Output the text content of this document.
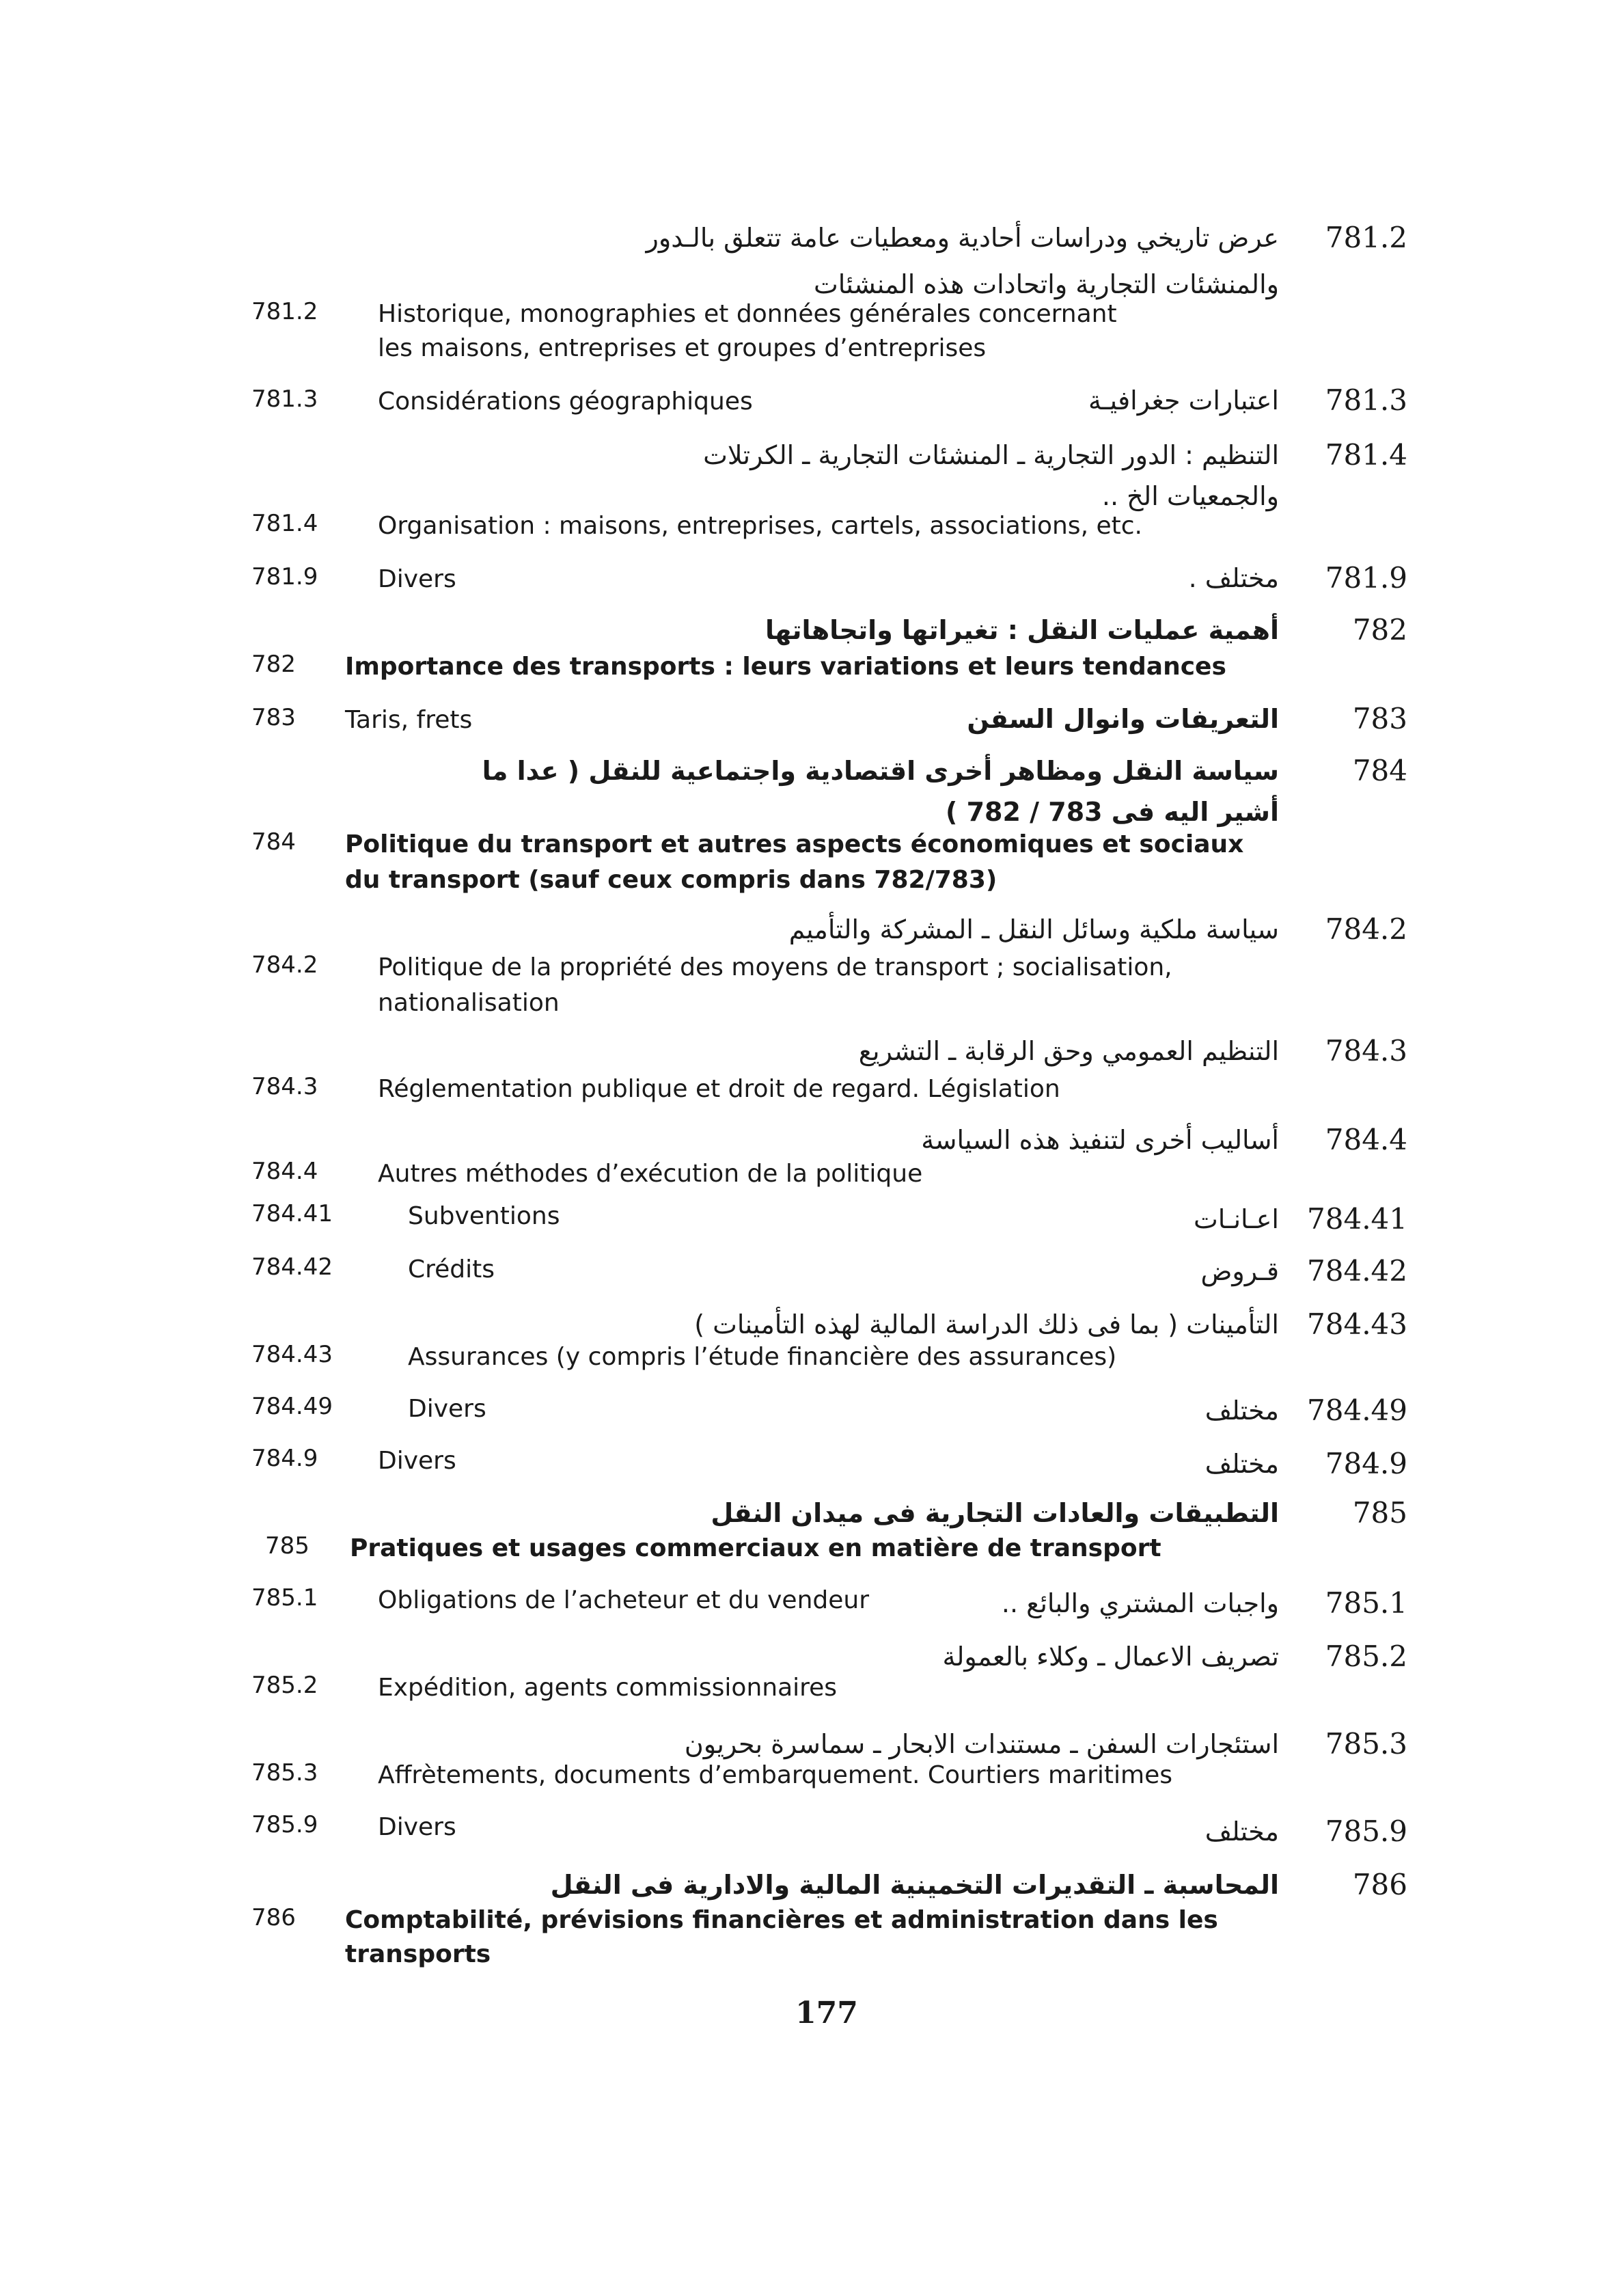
عرض تاريخي ودراسات أحادية ومعطيات عامة تتعلق بالـدور	781.2
والمنشئات التجارية واتحادات هذه المنشئات
781.2	Historique, monographies et données générales concernant
les maisons, entreprises et groupes d’entreprises
اعتبارات جغرافيـة	781.3
781.3	Considérations géographiques
التنظيم : الدور التجارية ـ المنشئات التجارية ـ الكرتلات	781.4
والجمعيات الخ ..
781.4	Organisation : maisons, entreprises, cartels, associations, etc.
مختلف .	781.9
781.9	Divers
أهمية عمليات النقل : تغيراتها واتجاهاتها	782
782	Importance des transports : leurs variations et leurs tendances
التعريفات وانوال السفن	783
783	Taris, frets
سياسة النقل ومظاهر أخرى اقتصادية واجتماعية للنقل ( عدا ما	784
أشير اليه فى 783 / 782 )
784	Politique du transport et autres aspects économiques et sociaux
du transport (sauf ceux compris dans 782/783)
سياسة ملكية وسائل النقل ـ المشركة والتأميم	784.2
784.2	Politique de la propriété des moyens de transport ; socialisation,
nationalisation
التنظيم العمومي وحق الرقابة ـ التشريع	784.3
784.3	Réglementation publique et droit de regard. Législation
أساليب أخرى لتنفيذ هذه السياسة	784.4
784.4	Autres méthodes d’exécution de la politique
اعـانـات 784.41
784.41	Subventions
قـروض 784.42
784.42	Crédits
التأمينات ( بما فى ذلك الدراسة المالية لهذه التأمينات ) 784.43
784.43	Assurances (y compris l’étude financière des assurances)
مختلف 784.49
784.49	Divers
مختلف	784.9
784.9	Divers
التطبيقات والعادات التجارية فى ميدان النقل	785
785	Pratiques et usages commerciaux en matière de transport
واجبات المشتري والبائع ..	785.1
785.1	Obligations de l’acheteur et du vendeur
تصريف الاعمال ـ وكلاء بالعمولة	785.2
785.2	Expédition, agents commissionnaires
استئجارات السفن ـ مستندات الابحار ـ سماسرة بحريون	785.3
785.3	Affrètements, documents d’embarquement. Courtiers maritimes
مختلف	785.9
785.9	Divers
المحاسبة ـ التقديرات التخمينية المالية والادارية فى النقل	786
786	Comptabilité, prévisions financières et administration dans les
transports
177
